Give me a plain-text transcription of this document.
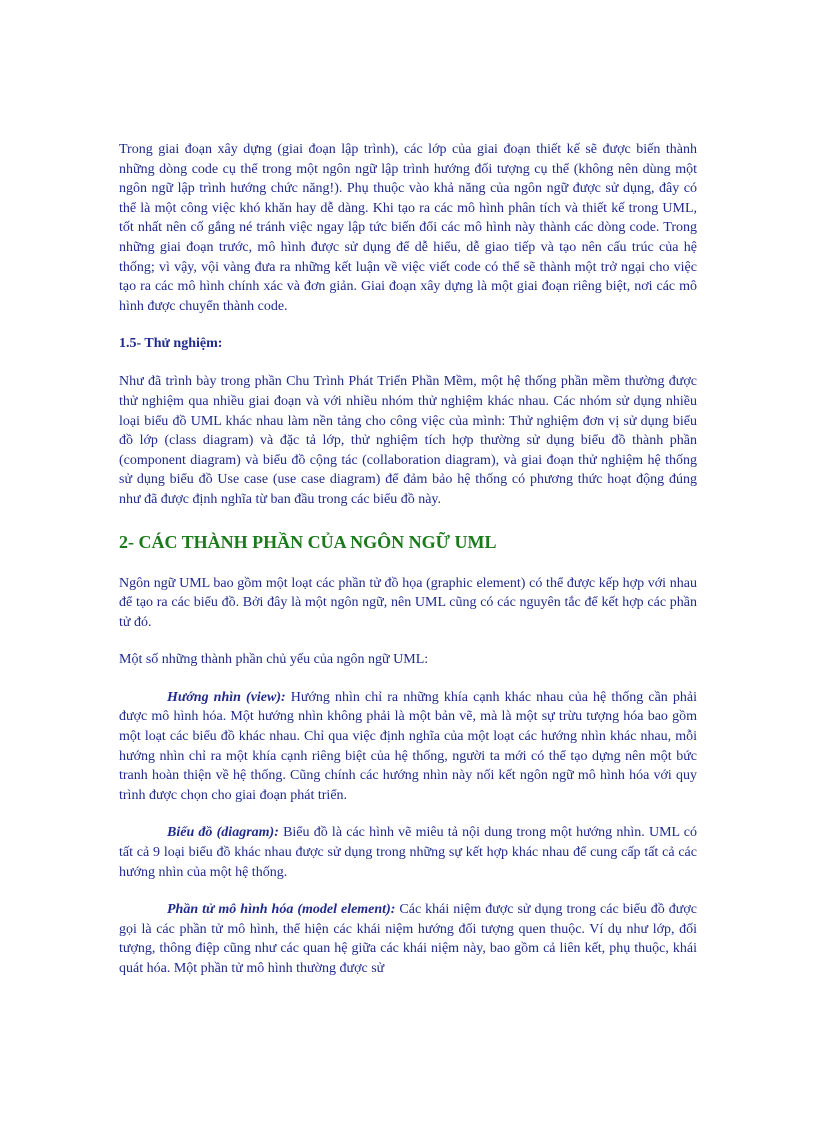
Trong giai đoạn xây dựng (giai đoạn lập trình), các lớp của giai đoạn thiết kế sẽ được biến thành những dòng code cụ thể trong một ngôn ngữ lập trình hướng đối tượng cụ thể (không nên dùng một ngôn ngữ lập trình hướng chức năng!). Phụ thuộc vào khả năng của ngôn ngữ được sử dụng, đây có thể là một công việc khó khăn hay dễ dàng. Khi tạo ra các mô hình phân tích và thiết kế trong UML, tốt nhất nên cố gắng né tránh việc ngay lập tức biến đổi các mô hình này thành các dòng code. Trong những giai đoạn trước, mô hình được sử dụng để dễ hiểu, dễ giao tiếp và tạo nên cấu trúc của hệ thống; vì vậy, vội vàng đưa ra những kết luận về việc viết code có thể sẽ thành một trở ngại cho việc tạo ra các mô hình chính xác và đơn giản. Giai đoạn xây dựng là một giai đoạn riêng biệt, nơi các mô hình được chuyển thành code.

1.5- Thử nghiệm:

Như đã trình bày trong phần Chu Trình Phát Triển Phần Mềm, một hệ thống phần mềm thường được thử nghiệm qua nhiều giai đoạn và với nhiều nhóm thử nghiệm khác nhau. Các nhóm sử dụng nhiều loại biểu đồ UML khác nhau làm nền tảng cho công việc của mình: Thử nghiệm đơn vị sử dụng biểu đồ lớp (class diagram) và đặc tả lớp, thử nghiệm tích hợp thường sử dụng biểu đồ thành phần (component diagram) và biểu đồ cộng tác (collaboration diagram), và giai đoạn thử nghiệm hệ thống sử dụng biểu đồ Use case (use case diagram) để đảm bảo hệ thống có phương thức hoạt động đúng như đã được định nghĩa từ ban đầu trong các biểu đồ này.

2- CÁC THÀNH PHẦN CỦA NGÔN NGỮ UML

Ngôn ngữ UML bao gồm một loạt các phần tử đồ họa (graphic element) có thể được kếp hợp với nhau để tạo ra các biểu đồ. Bởi đây là một ngôn ngữ, nên UML cũng có các nguyên tắc để kết hợp các phần tử đó.

Một số những thành phần chủ yếu của ngôn ngữ UML:

Hướng nhìn (view): Hướng nhìn chỉ ra những khía cạnh khác nhau của hệ thống cần phải được mô hình hóa. Một hướng nhìn không phải là một bản vẽ, mà là một sự trừu tượng hóa bao gồm một loạt các biểu đồ khác nhau. Chỉ qua việc định nghĩa của một loạt các hướng nhìn khác nhau, mỗi hướng nhìn chỉ ra một khía cạnh riêng biệt của hệ thống, người ta mới có thể tạo dựng nên một bức tranh hoàn thiện về hệ thống. Cũng chính các hướng nhìn này nối kết ngôn ngữ mô hình hóa với quy trình được chọn cho giai đoạn phát triển.

Biểu đồ (diagram): Biểu đồ là các hình vẽ miêu tả nội dung trong một hướng nhìn. UML có tất cả 9 loại biểu đồ khác nhau được sử dụng trong những sự kết hợp khác nhau để cung cấp tất cả các hướng nhìn của một hệ thống.

Phần tử mô hình hóa (model element): Các khái niệm được sử dụng trong các biểu đồ được gọi là các phần tử mô hình, thể hiện các khái niệm hướng đối tượng quen thuộc. Ví dụ như lớp, đối tượng, thông điệp cũng như các quan hệ giữa các khái niệm này, bao gồm cả liên kết, phụ thuộc, khái quát hóa. Một phần tử mô hình thường được sử
